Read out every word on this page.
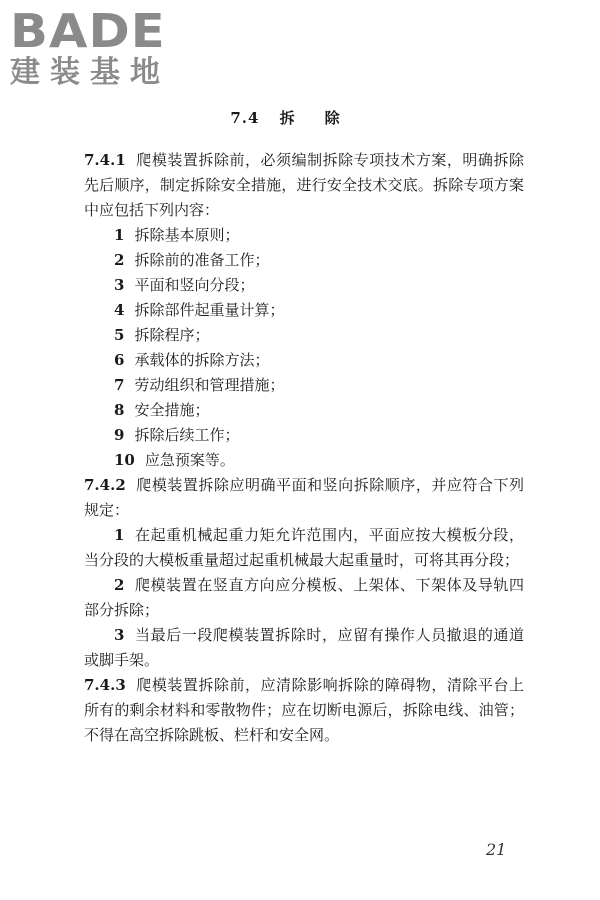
BADE
建装基地
7.4 拆除

7.4.1 爬模装置拆除前，必须编制拆除专项技术方案，明确拆除先后顺序，制定拆除安全措施，进行安全技术交底。拆除专项方案中应包括下列内容：

1 拆除基本原则；

2 拆除前的准备工作；

3 平面和竖向分段；

4 拆除部件起重量计算；

5 拆除程序；

6 承载体的拆除方法；

7 劳动组织和管理措施；

8 安全措施；

9 拆除后续工作；

10 应急预案等。

7.4.2 爬模装置拆除应明确平面和竖向拆除顺序，并应符合下列规定：

1 在起重机械起重力矩允许范围内，平面应按大模板分段，当分段的大模板重量超过起重机械最大起重量时，可将其再分段；

2 爬模装置在竖直方向应分模板、上架体、下架体及导轨四部分拆除；

3 当最后一段爬模装置拆除时，应留有操作人员撤退的通道或脚手架。

7.4.3 爬模装置拆除前，应清除影响拆除的障碍物，清除平台上所有的剩余材料和零散物件；应在切断电源后，拆除电线、油管；不得在高空拆除跳板、栏杆和安全网。

21
